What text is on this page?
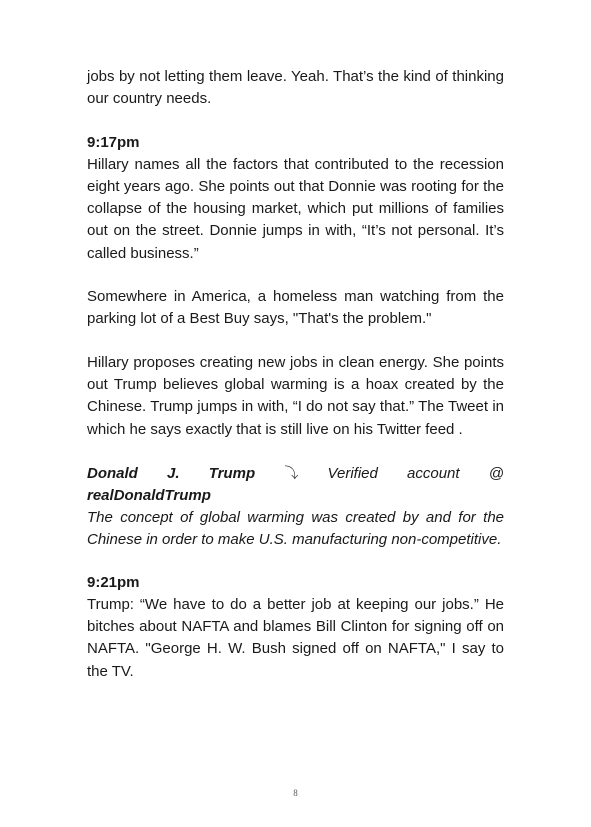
jobs by not letting them leave. Yeah. That’s the kind of thinking our country needs.

9:17pm

Hillary names all the factors that contributed to the recession eight years ago. She points out that Donnie was rooting for the collapse of the housing market, which put millions of families out on the street. Donnie jumps in with, “It’s not personal. It’s called business.”

Somewhere in America, a homeless man watching from the parking lot of a Best Buy says, "That's the problem."

Hillary proposes creating new jobs in clean energy. She points out Trump believes global warming is a hoax created by the Chinese. Trump jumps in with, “I do not say that.” The Tweet in which he says exactly that is still live on his Twitter feed .

Donald J. Trump ⤵ Verified account @

realDonaldTrump

The concept of global warming was created by and for the Chinese in order to make U.S. manufacturing non-competitive.

9:21pm

Trump: “We have to do a better job at keeping our jobs.” He bitches about NAFTA and blames Bill Clinton for signing off on NAFTA. "George H. W. Bush signed off on NAFTA," I say to the TV.

8
